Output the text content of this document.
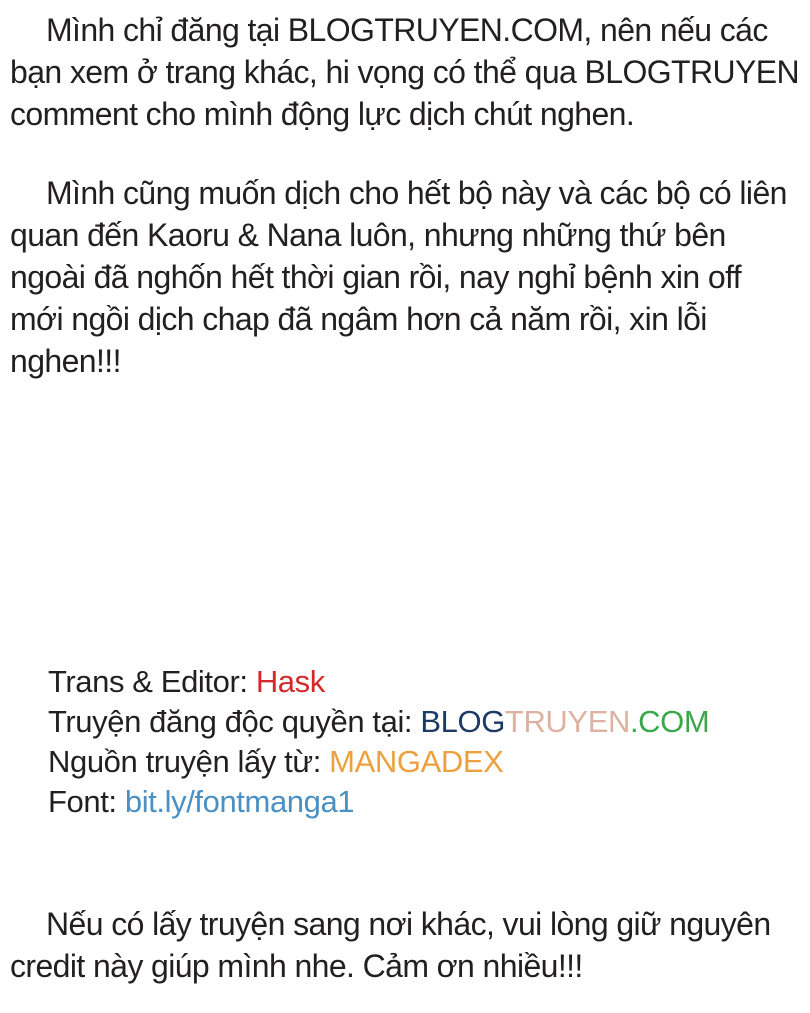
Mình chỉ đăng tại BLOGTRUYEN.COM, nên nếu các
bạn xem ở trang khác, hi vọng có thể qua BLOGTRUYEN
comment cho mình động lực dịch chút nghen.
Mình cũng muốn dịch cho hết bộ này và các bộ có liên
quan đến Kaoru & Nana luôn, nhưng những thứ bên
ngoài đã nghốn hết thời gian rồi, nay nghỉ bệnh xin off
mới ngồi dịch chap đã ngâm hơn cả năm rồi, xin lỗi
nghen!!!
Trans & Editor: Hask
Truyện đăng độc quyền tại: BLOGTRUYEN.COM
Nguồn truyện lấy từ: MANGADEX
Font: bit.ly/fontmanga1
Nếu có lấy truyện sang nơi khác, vui lòng giữ nguyên
credit này giúp mình nhe. Cảm ơn nhiều!!!
